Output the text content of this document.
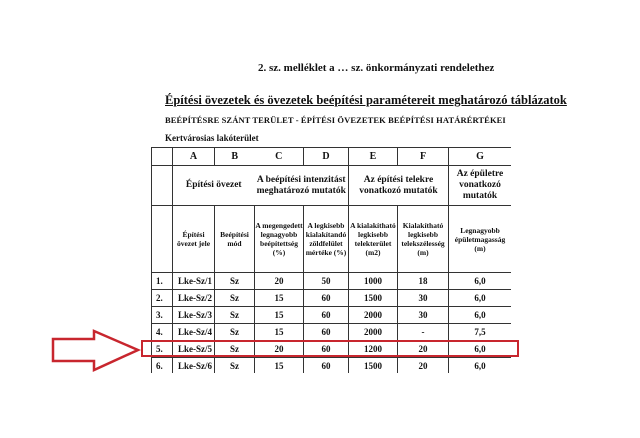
2. sz. melléklet a … sz. önkormányzati rendelethez
Építési övezetek és övezetek beépítési paramétereit meghatározó táblázatok
BEÉPÍTÉSRE SZÁNT TERÜLET - ÉPÍTÉSI ÖVEZETEK BEÉPÍTÉSI HATÁRÉRTÉKEI
Kertvárosias lakóterület
	A	B	C	D	E	F	G
	Építési övezet		A beépítési intenzitást meghatározó mutatók		Az építési telekre vonatkozó mutatók		Az épületre vonatkozó mutatók
	Építési övezet jele	Beépítési mód	A megengedett legnagyobb beépítettség (%)	A legkisebb kialakítandó zöldfelület mértéke (%)	A kialakítható legkisebb telekterület (m2)	Kialakítható legkisebb telekszélesség (m)	Legnagyobb épületmagasság (m)
1.	Lke-Sz/1	Sz	20	50	1000	18	6,0
2.	Lke-Sz/2	Sz	15	60	1500	30	6,0
3.	Lke-Sz/3	Sz	15	60	2000	30	6,0
4.	Lke-Sz/4	Sz	15	60	2000	-	7,5
5.	Lke-Sz/5	Sz	20	60	1200	20	6,0
6.	Lke-Sz/6	Sz	15	60	1500	20	6,0
